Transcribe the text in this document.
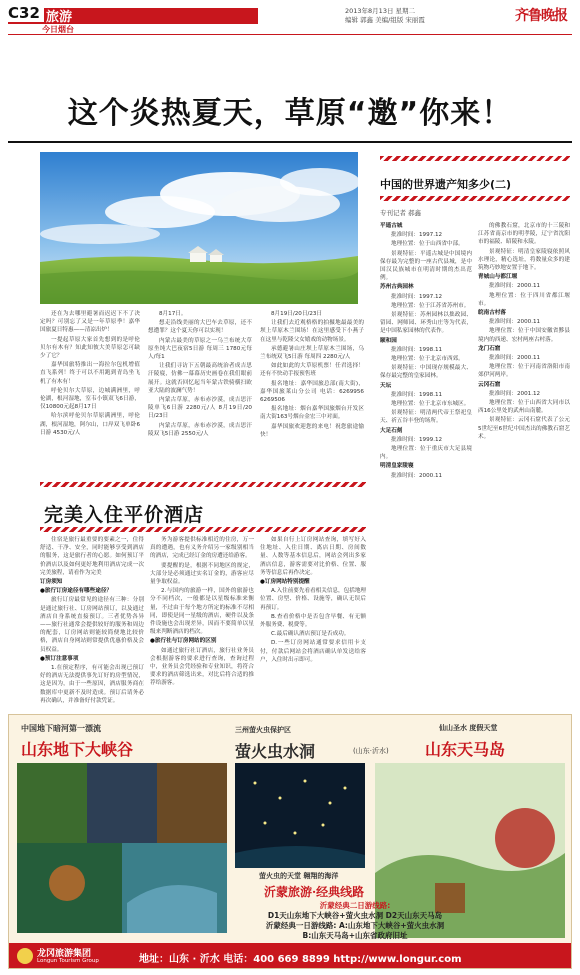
C32 旅游
今日烟台
2013年8月13日 星期二
编辑 郭鑫 美编/组版 宋丽霞	齐鲁晚报
这个炎热夏天，草原“邀”你来！
中国的世界遗产知多少(二)
专刊记者 郝鑫

还在为去哪里避暑而迟迟下不了决定吗？可别忘了又是一年草原季！嘉华国旅夏日特惠——清凉出炉！

一提起草原大家首先想到的是呼伦贝尔有木有？知此知彼大美草原怎可缺少了它？

嘉华国旅特推出一海拉尔包机增值直飞系列！终于可以不用跑到青岛坐飞机了有木有！

呼伦贝尔大草原，边城满洲里，呼伦湖，根河湿地，室韦小镇双飞6日游，仅10800元起8月17日

哈尔滨呼伦贝尔草原满洲里，呼伦湖，根河湿地，阿尔山，口岸双飞单卧6日游 4530元/人

8月17日。

想走沿线美丽的大巴车去草原，还不想遭罪？这个夏天你可以实现！

内蒙古最美的草原之一乌兰布统大草原坐纯大巴夜宿5日游 每周三 1780元每人/每1

让我们寻访下五朝最高统治者成吉思汗陵寝，仿佛一幕幕历史画卷在我们眼前展开。这就否回忆起当年蒙古铁骑横扫欧亚大陆的波澜气势！

内蒙古草原，赤布赤沙漠，成吉思汗陵单飞6日游 2280元/人 8月19日/20日/23日

内蒙古草原，赤布赤沙漠，成吉思汗陵双飞5日游 2550元/人

8月19日/20日/23日

让我们去近观格格的拍摄地最最美的坝上草原木兰围场！在这里感受下小燕子在这里与乾隆父女嬉戏的动物场景。

承德避暑山庄坝上草原木兰围场，乌兰布统双飞5日游 每周四 2280元/人

如此如此的大草原机票！任君选择！还有不快动手报预售班

报名地址：嘉华国旅总部(南大街)，嘉华国旅莱山分公司 电话：6269956 6269506

报名地址：烟台嘉华国旅烟台开发区南大街163号烟台金宏三中对面。

嘉华国旅欢迎您的来电！祝您旅途愉快！

完美入住平价酒店

住宿是旅行最重要的要素之一，住得舒适、干净、安全，同时能够享受到酒店的服务，这是旅行者的心愿。如何预订平价酒店以及如何更好地利用酒店完成一次完美旅程，请看作为完美

订房须知

●旅行订房途径有哪些途径？

旅行订房最常见的途径有三种：分别是通过旅行社、订房网站预订，以及通过酒店自身系统直接预订。三者优势各异——旅行社通常会提供较好的服务和周边的配套，订房网站则能较简便地比较价格，酒店自身网站则常提供优惠价格及会员权益。

●预订注意事项

1.在预定程序，有可能会出现已预订好的酒店无法提供事先订好的房型情况，这是因为，由于一些原因，酒店服务商在数据库中更新不及时造成。预订后请务必再次确认，并准备好付款凭证。

务为游客提供标准相近的住房，万一真的遭遇，也有义务介绍另一家级别相当的酒店，完成已经订金的房遭还给游客。

要提醒的是，根据不同地区的规定，大部分是必须通过实名订金的，游客应尽量争取权益。

2.与国内的旅游一样，国外的旅游也分不同档次，一般都是以星级标准来衡量，不过由于每个地方所定的标准不尽相同，即使是同一星级的酒店，硬件以及条件设施也会出现差异，因而不要简单以星级来判断酒店的档次。

●旅行社与订房网站的区别

如通过旅行社订酒店，旅行社业务员会根据游客的要求进行查询，查询过程中，业务员会凭经验和专业知识，将符合要求的酒店筛选出来，对比后将合适的推荐给游客。

如果自行上订房网站查询，填写好入住地址、入住日期、离店日期、房间数量、人数等基本信息后，网站会列出多家酒店信息，游客需要对比价格、位置、服务等信息后再作决定。

●订房网站特别提醒

A.入住前要先看看相关信息，包括地理位置、房型、价格、设施等，确认无误后再预订。

B.查看价格中是否包含早餐、有无额外服务费、税费等。

C.最后确认酒店预订是否成功。

D.一些订房网站通常要求信用卡支付，付款后网站会将酒店确认单发送给客户，入住时出示即可。

平遥古城

批准时间：1997.12

地理位置：位于山西省中部。

景观特征：平遥古城是中国境内保存最为完整的一座古代县城，是中国汉民族城市在明清时期的杰出范例。

苏州古典园林

批准时间：1997.12

地理位置：位于江苏省苏州市。

景观特征：苏州园林以拙政园、留园、网师园、环秀山庄等为代表，是中国私家园林的代表作。

颐和园

批准时间：1998.11

地理位置：位于北京市西郊。

景观特征：中国现存规模最大、保存最完整的皇家园林。

天坛

批准时间：1998.11

地理位置：位于北京市东城区。

景观特征：明清两代帝王祭祀皇天、祈五谷丰登的场所。

大足石刻

批准时间：1999.12

地理位置：位于重庆市大足县境内。

明清皇家陵寝

批准时间：2000.11

的佛教石窟，北京市的十三陵和江苏省南京市的明孝陵，辽宁省沈阳市的福陵、昭陵和永陵。

景观特征：明清皇家陵寝依照风水理论，精心选址，将数量众多的建筑物巧妙地安置于地下。

青城山与都江堰

批准时间：2000.11

地理位置：位于四川省都江堰市。

皖南古村落

批准时间：2000.11

地理位置：位于中国安徽省黟县境内的西递、宏村两座古村落。

龙门石窟

批准时间：2000.11

地理位置：位于河南省洛阳市南郊伊河两岸。

云冈石窟

批准时间：2001.12

地理位置：位于山西省大同市以西16公里处的武州山南麓。

景观特征：云冈石窟代表了公元5世纪至6世纪中国杰出的佛教石窟艺术。

中国地下暗河第一漂流
山东地下大峡谷
三州萤火虫保护区
萤火虫水洞	(山东·沂水)
仙山圣水 度假天堂
山东天马岛
萤火虫的天堂 翱翔的海洋
沂蒙旅游·经典线路
沂蒙经典二日游线路:
D1天山东地下大峡谷+萤火虫水洞 D2天山东天马岛
沂蒙经典一日游线路: A:山东地下大峡谷+萤火虫水洞
B:山东天马岛+山东省政府旧址
龙冈旅游集团
Longun Tourism Group	地址：山东 · 沂水 电话：400 669 8899 http://www.longur.com
